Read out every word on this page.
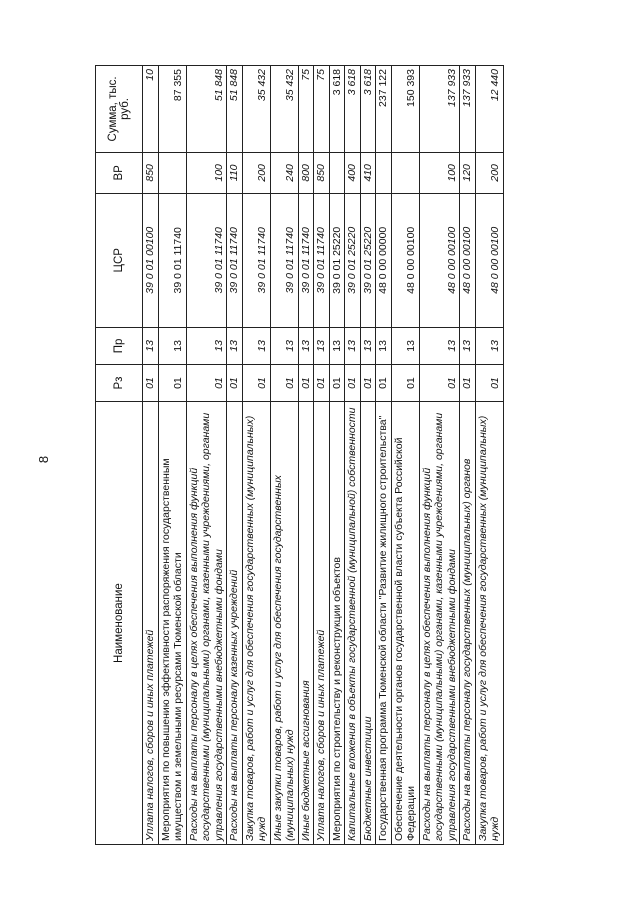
8
Наименование	Рз	Пр	ЦСР	ВР	Сумма, тыс. руб.
Уплата налогов, сборов и иных платежей	01	13	39 0 01 00100	850	10
Мероприятия по повышению эффективности распоряжения государственным имуществом и земельными ресурсами Тюменской области	01	13	39 0 01 11740		87 355
Расходы на выплаты персоналу в целях обеспечения выполнения функций государственными (муниципальными) органами, казенными учреждениями, органами управления государственными внебюджетными фондами	01	13	39 0 01 11740	100	51 848
Расходы на выплаты персоналу казенных учреждений	01	13	39 0 01 11740	110	51 848
Закупка товаров, работ и услуг для обеспечения государственных (муниципальных) нужд	01	13	39 0 01 11740	200	35 432
Иные закупки товаров, работ и услуг для обеспечения государственных (муниципальных) нужд	01	13	39 0 01 11740	240	35 432
Иные бюджетные ассигнования	01	13	39 0 01 11740	800	75
Уплата налогов, сборов и иных платежей	01	13	39 0 01 11740	850	75
Мероприятия по строительству и реконструкции объектов	01	13	39 0 01 25220		3 618
Капитальные вложения в объекты государственной (муниципальной) собственности	01	13	39 0 01 25220	400	3 618
Бюджетные инвестиции	01	13	39 0 01 25220	410	3 618
Государственная программа Тюменской области "Развитие жилищного строительства"	01	13	48 0 00 00000		237 122
Обеспечение деятельности органов государственной власти субъекта Российской Федерации	01	13	48 0 00 00100		150 393
Расходы на выплаты персоналу в целях обеспечения выполнения функций государственными (муниципальными) органами, казенными учреждениями, органами управления государственными внебюджетными фондами	01	13	48 0 00 00100	100	137 933
Расходы на выплаты персоналу государственных (муниципальных) органов	01	13	48 0 00 00100	120	137 933
Закупка товаров, работ и услуг для обеспечения государственных (муниципальных) нужд	01	13	48 0 00 00100	200	12 440
